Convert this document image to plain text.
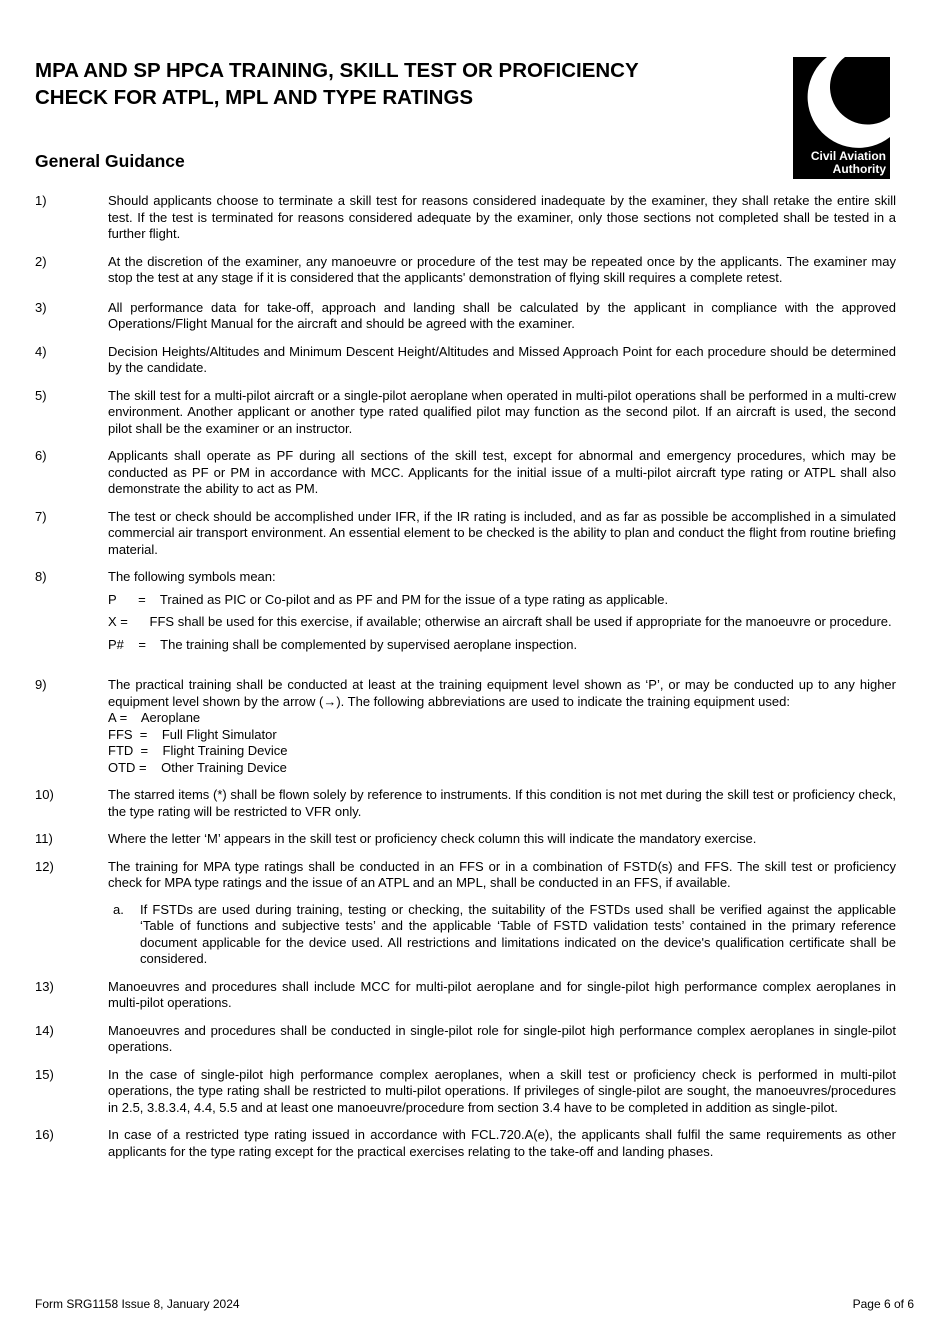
MPA AND SP HPCA TRAINING, SKILL TEST OR PROFICIENCY
CHECK FOR ATPL, MPL AND TYPE RATINGS
Civil Aviation
Authority
General Guidance
1)	Should applicants choose to terminate a skill test for reasons considered inadequate by the examiner, they shall retake the entire skill test. If the test is terminated for reasons considered adequate by the examiner, only those sections not completed shall be tested in a further flight.
2)	At the discretion of the examiner, any manoeuvre or procedure of the test may be repeated once by the applicants. The examiner may stop the test at any stage if it is considered that the applicants' demonstration of flying skill requires a complete retest.
3)	All performance data for take-off, approach and landing shall be calculated by the applicant in compliance with the approved Operations/Flight Manual for the aircraft and should be agreed with the examiner.
4)	Decision Heights/Altitudes and Minimum Descent Height/Altitudes and Missed Approach Point for each procedure should be determined by the candidate.
5)	The skill test for a multi-pilot aircraft or a single-pilot aeroplane when operated in multi-pilot operations shall be performed in a multi-crew environment. Another applicant or another type rated qualified pilot may function as the second pilot. If an aircraft is used, the second pilot shall be the examiner or an instructor.
6)	Applicants shall operate as PF during all sections of the skill test, except for abnormal and emergency procedures, which may be conducted as PF or PM in accordance with MCC. Applicants for the initial issue of a multi-pilot aircraft type rating or ATPL shall also demonstrate the ability to act as PM.
7)	The test or check should be accomplished under IFR, if the IR rating is included, and as far as possible be accomplished in a simulated commercial air transport environment. An essential element to be checked is the ability to plan and conduct the flight from routine briefing material.
8)	The following symbols mean:
P      =    Trained as PIC or Co-pilot and as PF and PM for the issue of a type rating as applicable.
X =      FFS shall be used for this exercise, if available; otherwise an aircraft shall be used if appropriate for the manoeuvre or procedure.
P#    =    The training shall be complemented by supervised aeroplane inspection.
9)	The practical training shall be conducted at least at the training equipment level shown as ‘P’, or may be conducted up to any higher equipment level shown by the arrow (→). The following abbreviations are used to indicate the training equipment used:
A =    Aeroplane
FFS  =    Full Flight Simulator
FTD  =    Flight Training Device
OTD =    Other Training Device
10)	The starred items (*) shall be flown solely by reference to instruments. If this condition is not met during the skill test or proficiency check, the type rating will be restricted to VFR only.
11)	Where the letter ‘M’ appears in the skill test or proficiency check column this will indicate the mandatory exercise.
12)	The training for MPA type ratings shall be conducted in an FFS or in a combination of FSTD(s) and FFS. The skill test or proficiency check for MPA type ratings and the issue of an ATPL and an MPL, shall be conducted in an FFS, if available.
a.	If FSTDs are used during training, testing or checking, the suitability of the FSTDs used shall be verified against the applicable ‘Table of functions and subjective tests’ and the applicable ‘Table of FSTD validation tests’ contained in the primary reference document applicable for the device used. All restrictions and limitations indicated on the device's qualification certificate shall be considered.
13)	Manoeuvres and procedures shall include MCC for multi-pilot aeroplane and for single-pilot high performance complex aeroplanes in multi-pilot operations.
14)	Manoeuvres and procedures shall be conducted in single-pilot role for single-pilot high performance complex aeroplanes in single-pilot operations.
15)	In the case of single-pilot high performance complex aeroplanes, when a skill test or proficiency check is performed in multi-pilot operations, the type rating shall be restricted to multi-pilot operations. If privileges of single-pilot are sought, the manoeuvres/procedures in 2.5, 3.8.3.4, 4.4, 5.5 and at least one manoeuvre/procedure from section 3.4 have to be completed in addition as single-pilot.
16)	In case of a restricted type rating issued in accordance with FCL.720.A(e), the applicants shall fulfil the same requirements as other applicants for the type rating except for the practical exercises relating to the take-off and landing phases.
Form SRG1158 Issue 8, January 2024	Page 6 of 6
